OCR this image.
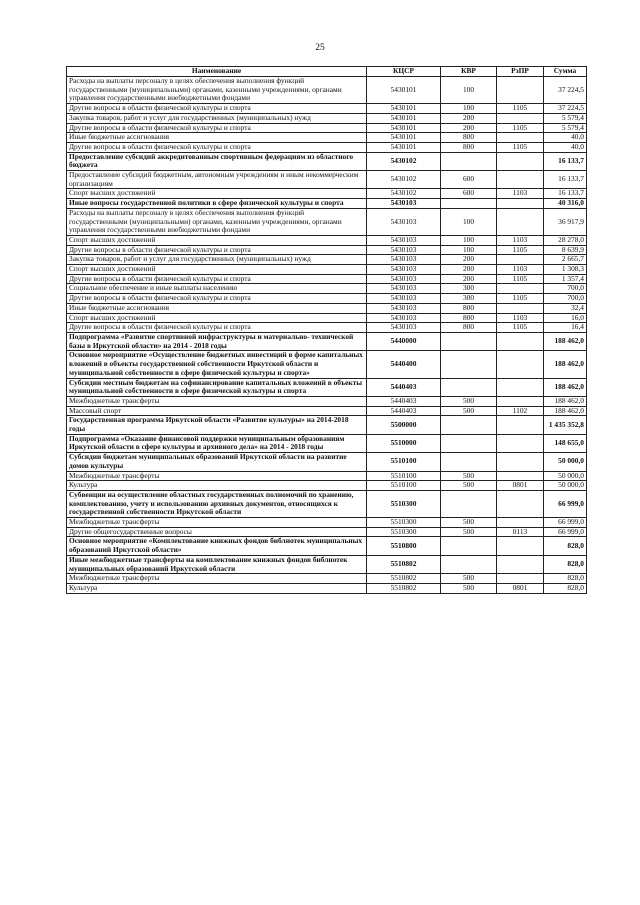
25
Наименование	КЦСР	КВР	РзПР	Сумма
Расходы на выплаты персоналу в целях обеспечения выполнения функций государственными (муниципальными) органами, казенными учреждениями, органами управления государственными внебюджетными фондами	5430101	100		37 224,5
Другие вопросы в области физической культуры и спорта	5430101	100	1105	37 224,5
Закупка товаров, работ и услуг для государственных (муниципальных) нужд	5430101	200		5 579,4
Другие вопросы в области физической культуры и спорта	5430101	200	1105	5 579,4
Иные бюджетные ассигнования	5430101	800		40,0
Другие вопросы в области физической культуры и спорта	5430101	800	1105	40,0
Предоставление субсидий аккредитованным спортивным федерациям из областного бюджета	5430102			16 133,7
Предоставление субсидий бюджетным, автономным учреждениям и иным некоммерческим организациям	5430102	600		16 133,7
Спорт высших достижений	5430102	600	1103	16 133,7
Иные вопросы государственной политики в сфере физической культуры и спорта	5430103			40 316,0
Расходы на выплаты персоналу в целях обеспечения выполнения функций государственными (муниципальными) органами, казенными учреждениями, органами управления государственными внебюджетными фондами	5430103	100		36 917,9
Спорт высших достижений	5430103	100	1103	28 278,0
Другие вопросы в области физической культуры и спорта	5430103	100	1105	8 639,9
Закупка товаров, работ и услуг для государственных (муниципальных) нужд	5430103	200		2 665,7
Спорт высших достижений	5430103	200	1103	1 308,3
Другие вопросы в области физической культуры и спорта	5430103	200	1105	1 357,4
Социальное обеспечение и иные выплаты населению	5430103	300		700,0
Другие вопросы в области физической культуры и спорта	5430103	300	1105	700,0
Иные бюджетные ассигнования	5430103	800		32,4
Спорт высших достижений	5430103	800	1103	16,0
Другие вопросы в области физической культуры и спорта	5430103	800	1105	16,4
Подпрограмма «Развитие спортивной инфраструктуры и материально- технической базы в Иркутской области» на 2014 - 2018 годы	5440000			188 462,0
Основное мероприятие «Осуществление бюджетных инвестиций в форме капитальных вложений в объекты государственной собственности Иркутской области и муниципальной собственности в сфере физической культуры и спорта»	5440400			188 462,0
Субсидии местным бюджетам на софинансирование капитальных вложений в объекты муниципальной собственности в сфере физической культуры и спорта	5440403			188 462,0
Межбюджетные трансферты	5440403	500		188 462,0
Массовый спорт	5440403	500	1102	188 462,0
Государственная программа Иркутской области «Развитие культуры» на 2014-2018 годы	5500000			1 435 352,8
Подпрограмма «Оказание финансовой поддержки муниципальным образованиям Иркутской области в сфере культуры и архивного дела» на 2014 - 2018 годы	5510000			148 655,0
Субсидии бюджетам муниципальных образований Иркутской области на развитие домов культуры	5510100			50 000,0
Межбюджетные трансферты	5510100	500		50 000,0
Культура	5510100	500	0801	50 000,0
Субвенции на осуществление областных государственных полномочий по хранению, комплектованию, учету и использованию архивных документов, относящихся к государственной собственности Иркутской области	5510300			66 999,0
Межбюджетные трансферты	5510300	500		66 999,0
Другие общегосударственные вопросы	5510300	500	0113	66 999,0
Основное мероприятие «Комплектование книжных фондов библиотек муниципальных образований Иркутской области»	5510800			828,0
Иные межбюджетные трансферты на комплектование книжных фондов библиотек муниципальных образований Иркутской области	5510802			828,0
Межбюджетные трансферты	5510802	500		828,0
Культура	5510802	500	0801	828,0
